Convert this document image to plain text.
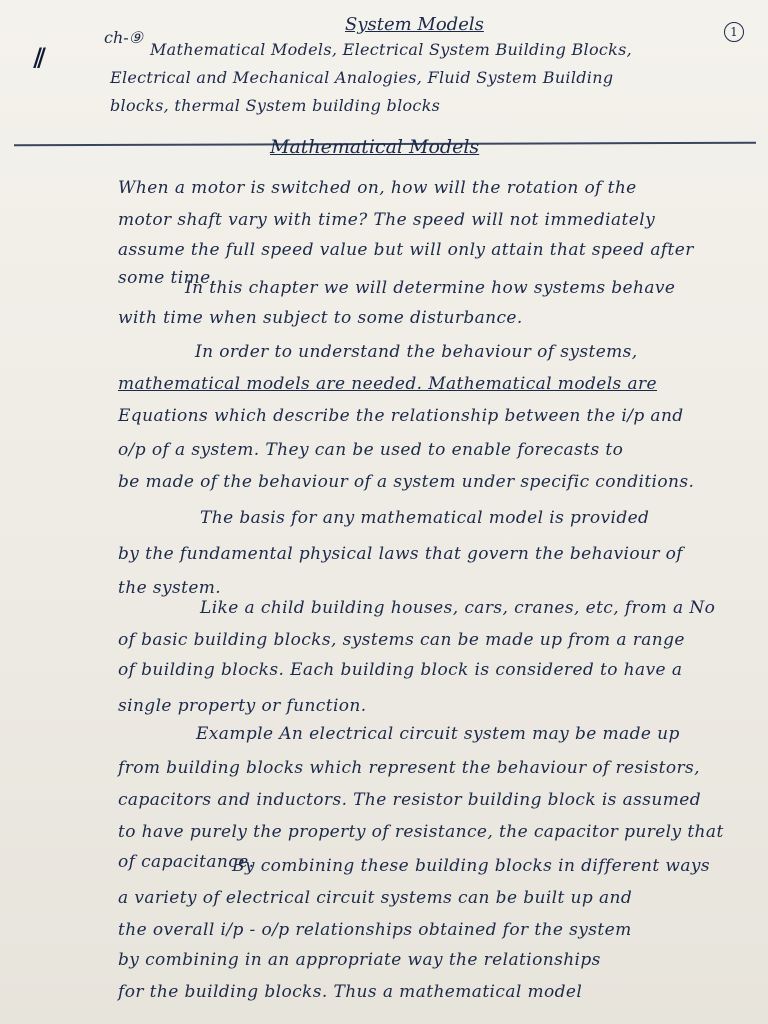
⫽
ch-⑨
System Models	1
Mathematical Models, Electrical System Building Blocks,
Electrical and Mechanical Analogies, Fluid System Building
blocks, thermal System building blocks
Mathematical Models
When a motor is switched on, how will the rotation of the
motor shaft vary with time? The speed will not immediately
assume the full speed value but will only attain that speed after
some time.
In this chapter we will determine how systems behave
with time when subject to some disturbance.
In order to understand the behaviour of systems,
mathematical models are needed. Mathematical models are
Equations which describe the relationship between the i/p and
o/p of a system. They can be used to enable forecasts to
be made of the behaviour of a system under specific conditions.
The basis for any mathematical model is provided
by the fundamental physical laws that govern the behaviour of
the system.
Like a child building houses, cars, cranes, etc, from a No
of basic building blocks, systems can be made up from a range
of building blocks. Each building block is considered to have a
single property or function.
Example An electrical circuit system may be made up
from building blocks which represent the behaviour of resistors,
capacitors and inductors. The resistor building block is assumed
to have purely the property of resistance, the capacitor purely that
of capacitance.
By combining these building blocks in different ways
a variety of electrical circuit systems can be built up and
the overall i/p - o/p relationships obtained for the system
by combining in an appropriate way the relationships
for the building blocks. Thus a mathematical model
